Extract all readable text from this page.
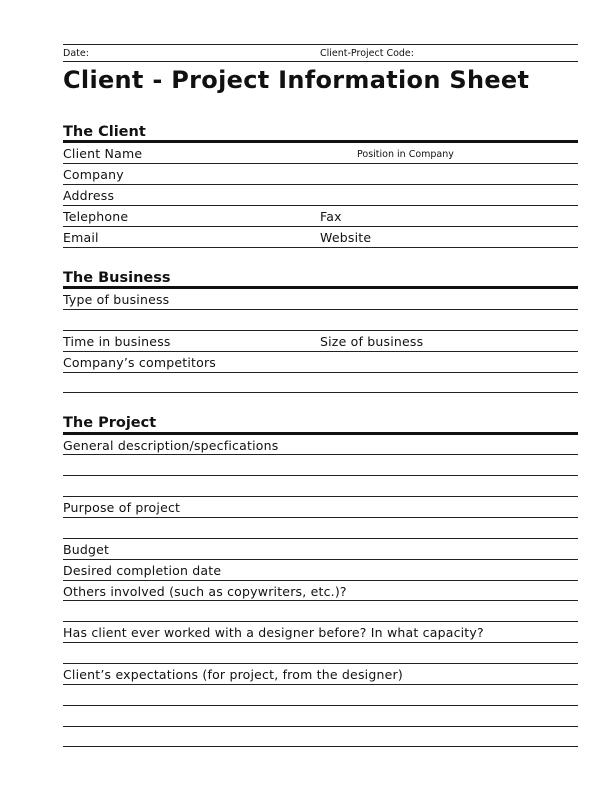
Date:	Client-Project Code:
Client - Project Information Sheet
The Client
Client Name	Position in Company
Company
Address
Telephone	Fax
Email	Website
The Business
Type of business
Time in business	Size of business
Company’s competitors
The Project
General description/specfications
Purpose of project
Budget
Desired completion date
Others involved (such as copywriters, etc.)?
Has client ever worked with a designer before? In what capacity?
Client’s expectations (for project, from the designer)
